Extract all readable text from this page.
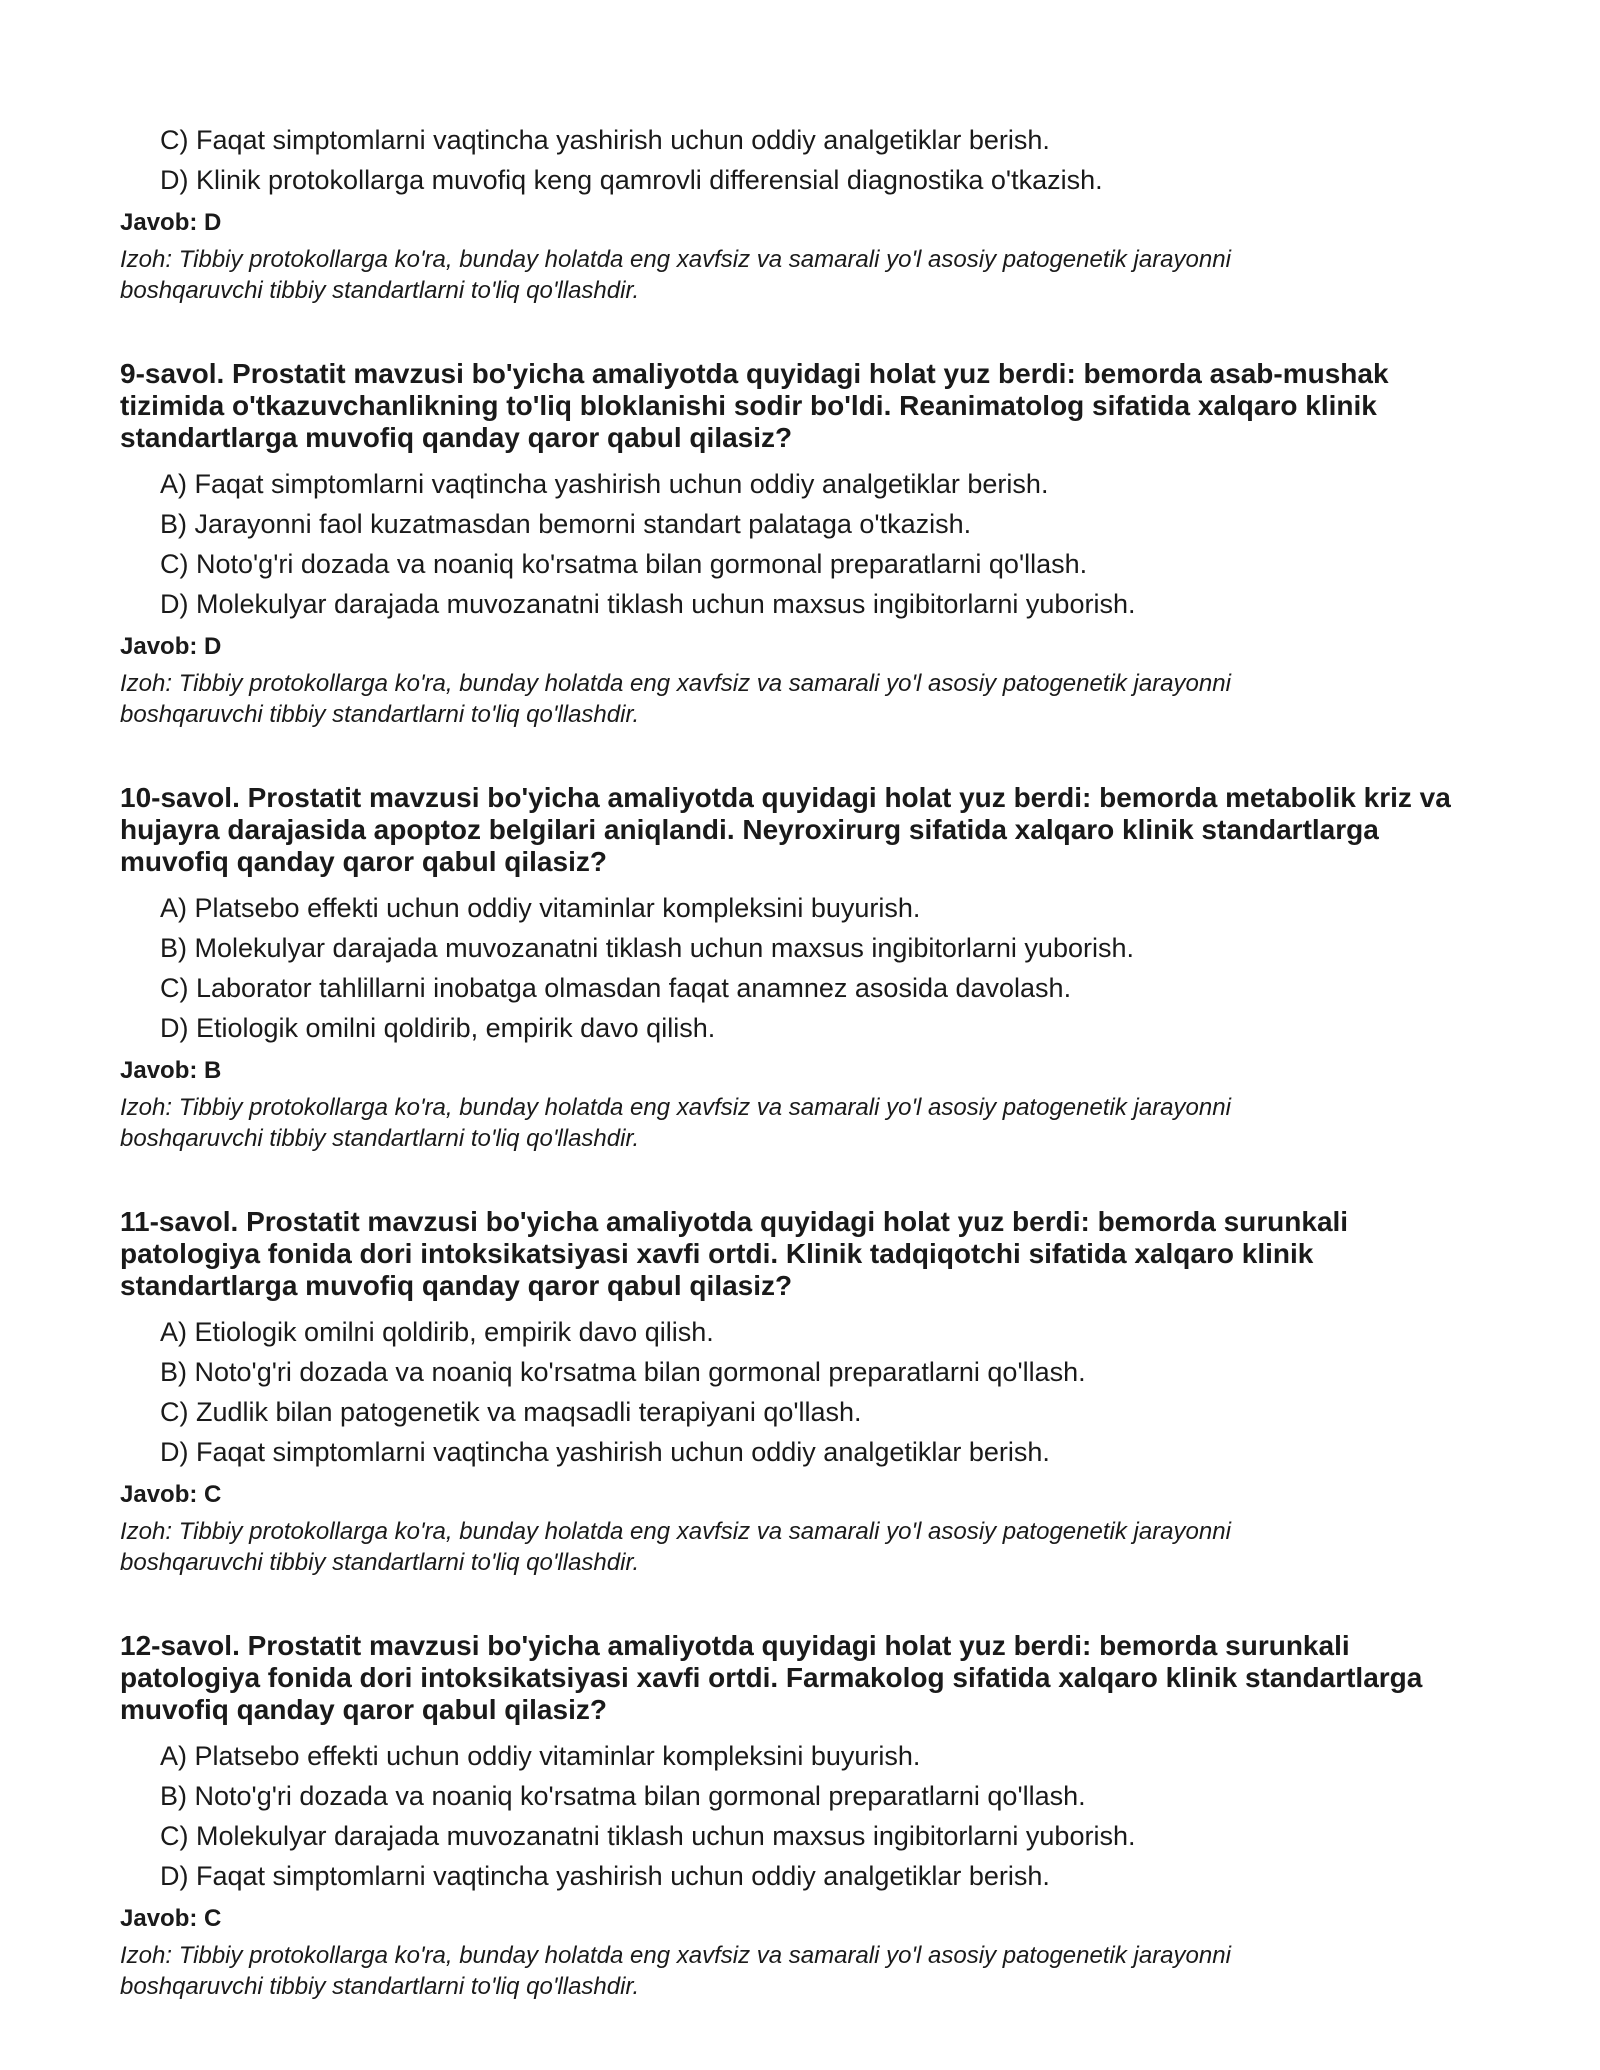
C) Faqat simptomlarni vaqtincha yashirish uchun oddiy analgetiklar berish.
D) Klinik protokollarga muvofiq keng qamrovli differensial diagnostika o'tkazish.
Javob: D
Izoh: Tibbiy protokollarga ko'ra, bunday holatda eng xavfsiz va samarali yo'l asosiy patogenetik jarayonni boshqaruvchi tibbiy standartlarni to'liq qo'llashdir.
9-savol. Prostatit mavzusi bo'yicha amaliyotda quyidagi holat yuz berdi: bemorda asab-mushak tizimida o'tkazuvchanlikning to'liq bloklanishi sodir bo'ldi. Reanimatolog sifatida xalqaro klinik standartlarga muvofiq qanday qaror qabul qilasiz?
A) Faqat simptomlarni vaqtincha yashirish uchun oddiy analgetiklar berish.
B) Jarayonni faol kuzatmasdan bemorni standart palataga o'tkazish.
C) Noto'g'ri dozada va noaniq ko'rsatma bilan gormonal preparatlarni qo'llash.
D) Molekulyar darajada muvozanatni tiklash uchun maxsus ingibitorlarni yuborish.
Javob: D
Izoh: Tibbiy protokollarga ko'ra, bunday holatda eng xavfsiz va samarali yo'l asosiy patogenetik jarayonni boshqaruvchi tibbiy standartlarni to'liq qo'llashdir.
10-savol. Prostatit mavzusi bo'yicha amaliyotda quyidagi holat yuz berdi: bemorda metabolik kriz va hujayra darajasida apoptoz belgilari aniqlandi. Neyroxirurg sifatida xalqaro klinik standartlarga muvofiq qanday qaror qabul qilasiz?
A) Platsebo effekti uchun oddiy vitaminlar kompleksini buyurish.
B) Molekulyar darajada muvozanatni tiklash uchun maxsus ingibitorlarni yuborish.
C) Laborator tahlillarni inobatga olmasdan faqat anamnez asosida davolash.
D) Etiologik omilni qoldirib, empirik davo qilish.
Javob: B
Izoh: Tibbiy protokollarga ko'ra, bunday holatda eng xavfsiz va samarali yo'l asosiy patogenetik jarayonni boshqaruvchi tibbiy standartlarni to'liq qo'llashdir.
11-savol. Prostatit mavzusi bo'yicha amaliyotda quyidagi holat yuz berdi: bemorda surunkali patologiya fonida dori intoksikatsiyasi xavfi ortdi. Klinik tadqiqotchi sifatida xalqaro klinik standartlarga muvofiq qanday qaror qabul qilasiz?
A) Etiologik omilni qoldirib, empirik davo qilish.
B) Noto'g'ri dozada va noaniq ko'rsatma bilan gormonal preparatlarni qo'llash.
C) Zudlik bilan patogenetik va maqsadli terapiyani qo'llash.
D) Faqat simptomlarni vaqtincha yashirish uchun oddiy analgetiklar berish.
Javob: C
Izoh: Tibbiy protokollarga ko'ra, bunday holatda eng xavfsiz va samarali yo'l asosiy patogenetik jarayonni boshqaruvchi tibbiy standartlarni to'liq qo'llashdir.
12-savol. Prostatit mavzusi bo'yicha amaliyotda quyidagi holat yuz berdi: bemorda surunkali patologiya fonida dori intoksikatsiyasi xavfi ortdi. Farmakolog sifatida xalqaro klinik standartlarga muvofiq qanday qaror qabul qilasiz?
A) Platsebo effekti uchun oddiy vitaminlar kompleksini buyurish.
B) Noto'g'ri dozada va noaniq ko'rsatma bilan gormonal preparatlarni qo'llash.
C) Molekulyar darajada muvozanatni tiklash uchun maxsus ingibitorlarni yuborish.
D) Faqat simptomlarni vaqtincha yashirish uchun oddiy analgetiklar berish.
Javob: C
Izoh: Tibbiy protokollarga ko'ra, bunday holatda eng xavfsiz va samarali yo'l asosiy patogenetik jarayonni boshqaruvchi tibbiy standartlarni to'liq qo'llashdir.
